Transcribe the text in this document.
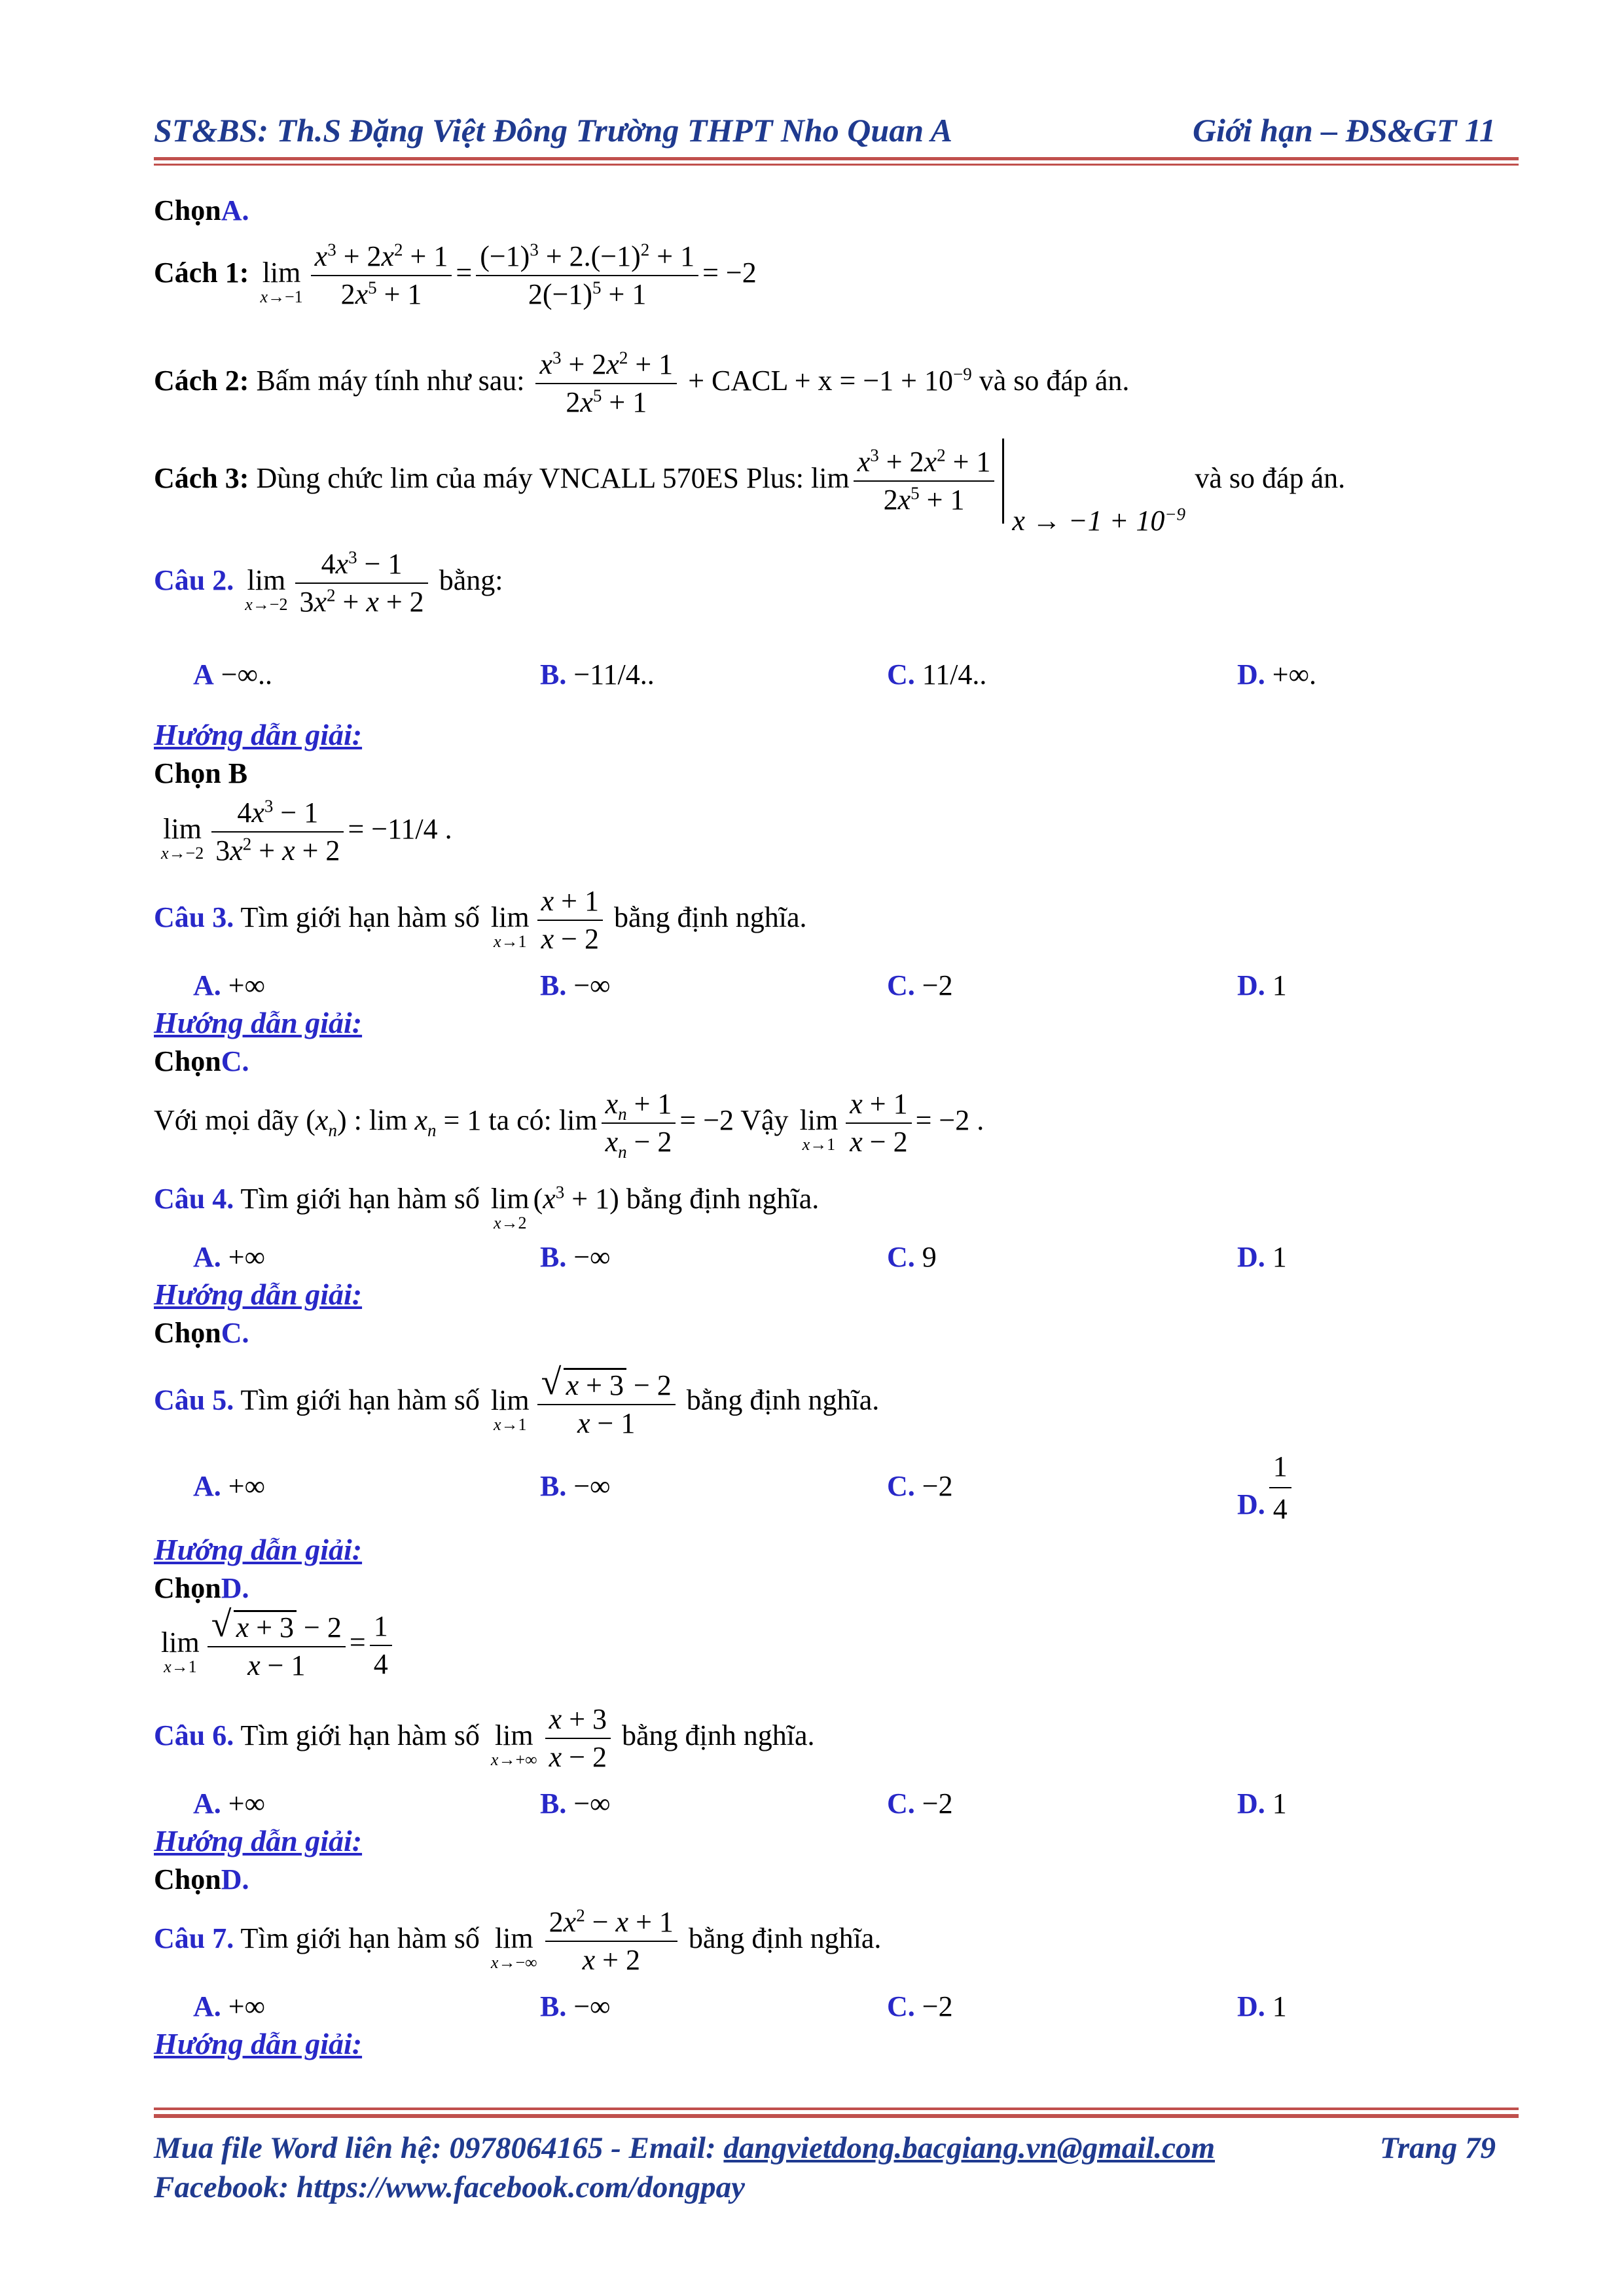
ST&BS: Th.S Đặng Việt Đông Trường THPT Nho Quan A	Giới hạn – ĐS&GT 11
ChọnA.
Cách 1: lim
$x\to-1 \frac{x^3 + 2x^2 + 1}{2x^5 + 1} = \frac{(-1)^3 + 2.(-1)^2 + 1}{2(-1)^5 + 1} = -2$
Cách 2: Bấm máy tính như sau: $\frac{x^3 + 2x^2 + 1}{2x^5 + 1}$ + CACL + $x = -1 + 10^{-9}$ và so đáp án.
Cách 3: Dùng chức lim của máy VNCALL 570ES Plus: $\lim \frac{x^3 + 2x^2 + 1}{2x^5 + 1}$
$x \to -1 + 10^{-9}$
và so đáp án.
Câu 2. lim
$x\to-2 \frac{4x^3 - 1}{3x^2 + x + 2}$ bằng:
A −∞..	B. −11/4..	C. 11/4..	D. +∞.
Hướng dẫn giải:
Chọn B
lim
$x\to-2 \frac{4x^3 - 1}{3x^2 + x + 2} = -11/4$ .
Câu 3. Tìm giới hạn hàm số lim
$x\to 1 \frac{x + 1}{x - 2}$ bằng định nghĩa.
A. +∞	B. −∞	C. −2	D. 1
Hướng dẫn giải:
ChọnC.
Với mọi dãy $(x_n)$ : $\lim x_n = 1$ ta có: $\lim \frac{x_n + 1}{x_n - 2} = -2$ Vậy lim
$x\to 1 \frac{x + 1}{x - 2} = -2$ .
Câu 4. Tìm giới hạn hàm số lim
x→2
$(x^3 + 1)$ bằng định nghĩa.
A. +∞	B. −∞	C. 9	D. 1
Hướng dẫn giải:
ChọnC.
Câu 5. Tìm giới hạn hàm số lim
$x\to 1 \frac{√ x + 3 - 2}{x - 1}$ bằng định nghĩa.
A. +∞	B. −∞	C. −2
D. $\frac{1}{4}$
Hướng dẫn giải:
ChọnD.
lim
$x\to 1 \frac{√ x + 3 - 2}{x - 1} = \frac{1}{4}$
Câu 6. Tìm giới hạn hàm số lim
$x\to+\infty \frac{x + 3}{x - 2}$ bằng định nghĩa.
A. +∞	B. −∞	C. −2	D. 1
Hướng dẫn giải:
ChọnD.
Câu 7. Tìm giới hạn hàm số lim
$x\to-\infty \frac{2x^2 - x + 1}{x + 2}$ bằng định nghĩa.
A. +∞	B. −∞	C. −2	D. 1
Hướng dẫn giải:
Mua file Word liên hệ: 0978064165 - Email: dangvietdong.bacgiang.vn@gmail.com	Trang 79
Facebook: https://www.facebook.com/dongpay
